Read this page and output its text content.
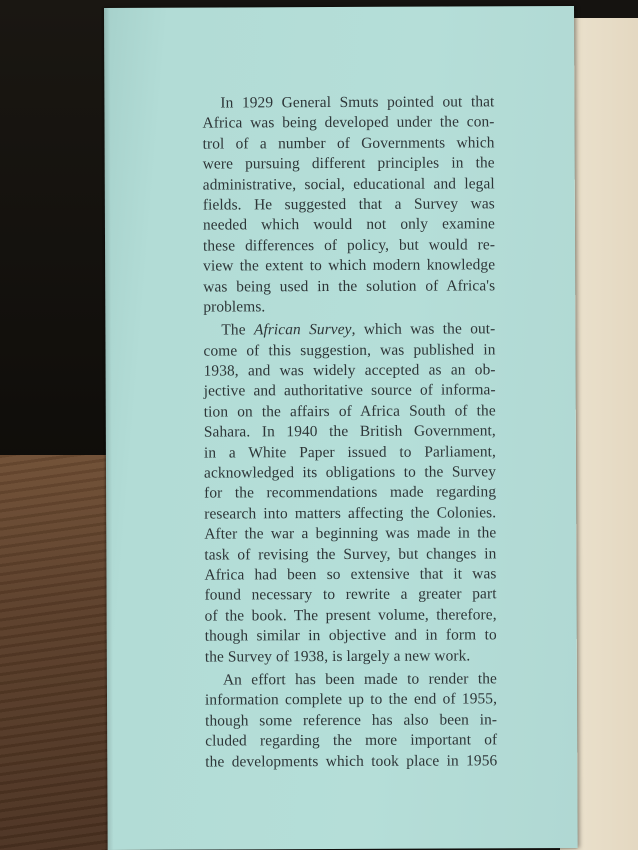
In 1929 General Smuts pointed out that
Africa was being developed under the con-
trol of a number of Governments which
were pursuing different principles in the
administrative, social, educational and legal
fields. He suggested that a Survey was
needed which would not only examine
these differences of policy, but would re-
view the extent to which modern knowledge
was being used in the solution of Africa's
problems.
The African Survey, which was the out-
come of this suggestion, was published in
1938, and was widely accepted as an ob-
jective and authoritative source of informa-
tion on the affairs of Africa South of the
Sahara. In 1940 the British Government,
in a White Paper issued to Parliament,
acknowledged its obligations to the Survey
for the recommendations made regarding
research into matters affecting the Colonies.
After the war a beginning was made in the
task of revising the Survey, but changes in
Africa had been so extensive that it was
found necessary to rewrite a greater part
of the book. The present volume, therefore,
though similar in objective and in form to
the Survey of 1938, is largely a new work.
An effort has been made to render the
information complete up to the end of 1955,
though some reference has also been in-
cluded regarding the more important of
the developments which took place in 1956
